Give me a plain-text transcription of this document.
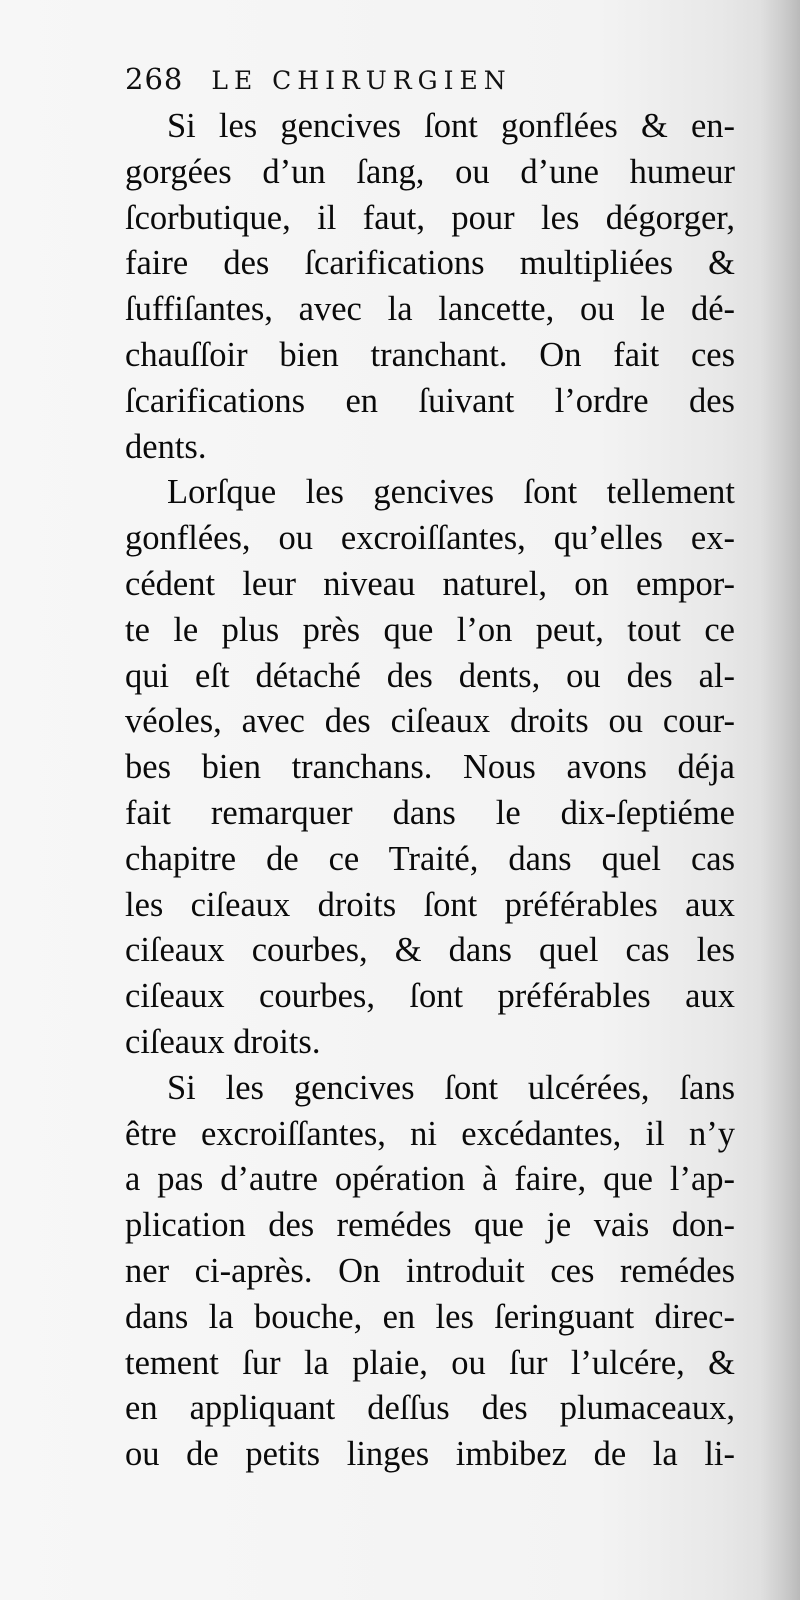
268 LE CHIRURGIEN
Si les gencives ſont gonflées & en-
gorgées d’un ſang, ou d’une humeur
ſcorbutique, il faut, pour les dégorger,
faire des ſcarifications multipliées &
ſuffiſantes, avec la lancette, ou le dé-
chauſſoir bien tranchant. On fait ces
ſcarifications en ſuivant l’ordre des
dents.
Lorſque les gencives ſont tellement
gonflées, ou excroiſſantes, qu’elles ex-
cédent leur niveau naturel, on empor-
te le plus près que l’on peut, tout ce
qui eſt détaché des dents, ou des al-
véoles, avec des ciſeaux droits ou cour-
bes bien tranchans. Nous avons déja
fait remarquer dans le dix-ſeptiéme
chapitre de ce Traité, dans quel cas
les ciſeaux droits ſont préférables aux
ciſeaux courbes, & dans quel cas les
ciſeaux courbes, ſont préférables aux
ciſeaux droits.
Si les gencives ſont ulcérées, ſans
être excroiſſantes, ni excédantes, il n’y
a pas d’autre opération à faire, que l’ap-
plication des remédes que je vais don-
ner ci-après. On introduit ces remédes
dans la bouche, en les ſeringuant direc-
tement ſur la plaie, ou ſur l’ulcére, &
en appliquant deſſus des plumaceaux,
ou de petits linges imbibez de la li-
